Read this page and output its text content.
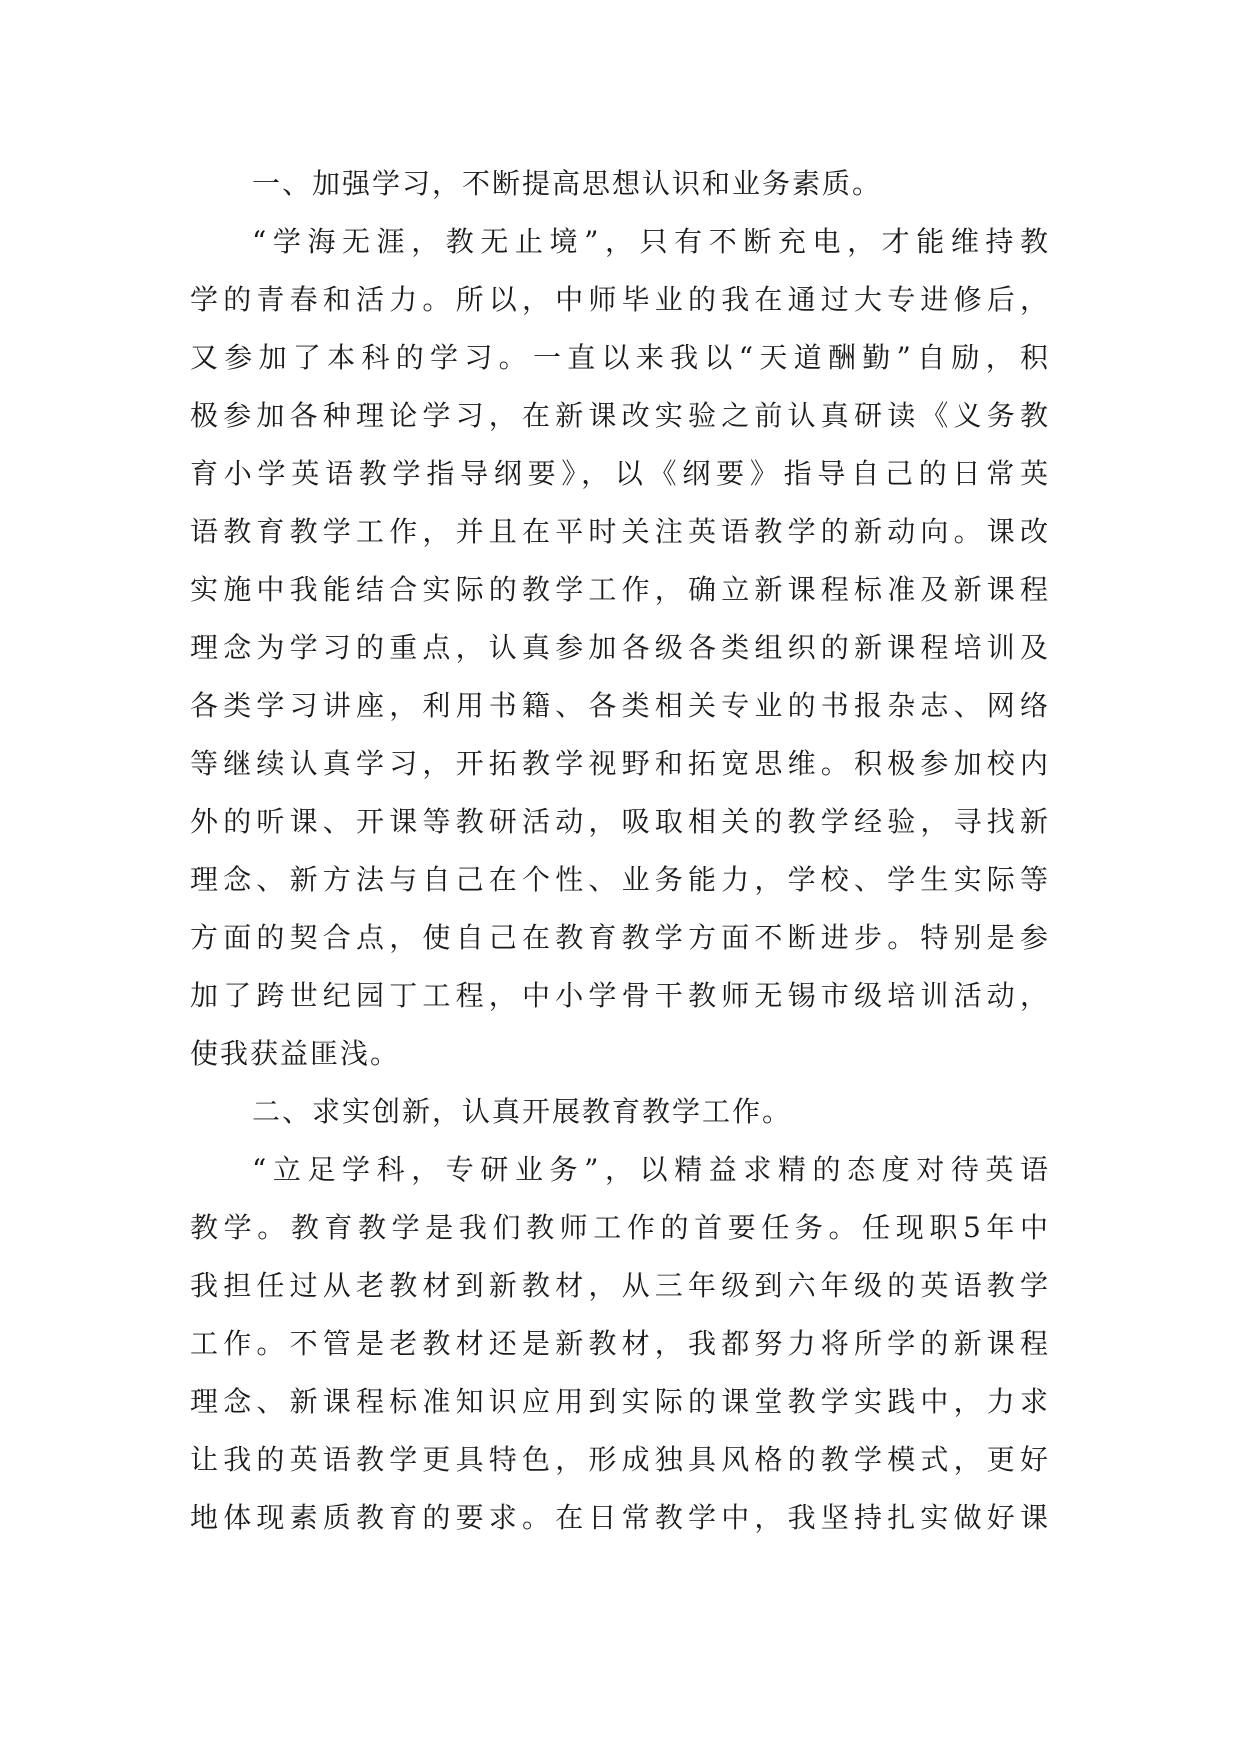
一、加强学习，不断提高思想认识和业务素质。
“学海无涯，教无止境”，只有不断充电，才能维持教
学的青春和活力。所以，中师毕业的我在通过大专进修后，
又参加了本科的学习。一直以来我以“天道酬勤”自励，积
极参加各种理论学习，在新课改实验之前认真研读《义务教
育小学英语教学指导纲要》，以《纲要》指导自己的日常英
语教育教学工作，并且在平时关注英语教学的新动向。课改
实施中我能结合实际的教学工作，确立新课程标准及新课程
理念为学习的重点，认真参加各级各类组织的新课程培训及
各类学习讲座，利用书籍、各类相关专业的书报杂志、网络
等继续认真学习，开拓教学视野和拓宽思维。积极参加校内
外的听课、开课等教研活动，吸取相关的教学经验，寻找新
理念、新方法与自己在个性、业务能力，学校、学生实际等
方面的契合点，使自己在教育教学方面不断进步。特别是参
加了跨世纪园丁工程，中小学骨干教师无锡市级培训活动，
使我获益匪浅。
二、求实创新，认真开展教育教学工作。
“立足学科，专研业务”，以精益求精的态度对待英语
教学。教育教学是我们教师工作的首要任务。任现职5年中
我担任过从老教材到新教材，从三年级到六年级的英语教学
工作。不管是老教材还是新教材，我都努力将所学的新课程
理念、新课程标准知识应用到实际的课堂教学实践中，力求
让我的英语教学更具特色，形成独具风格的教学模式，更好
地体现素质教育的要求。在日常教学中，我坚持扎实做好课
